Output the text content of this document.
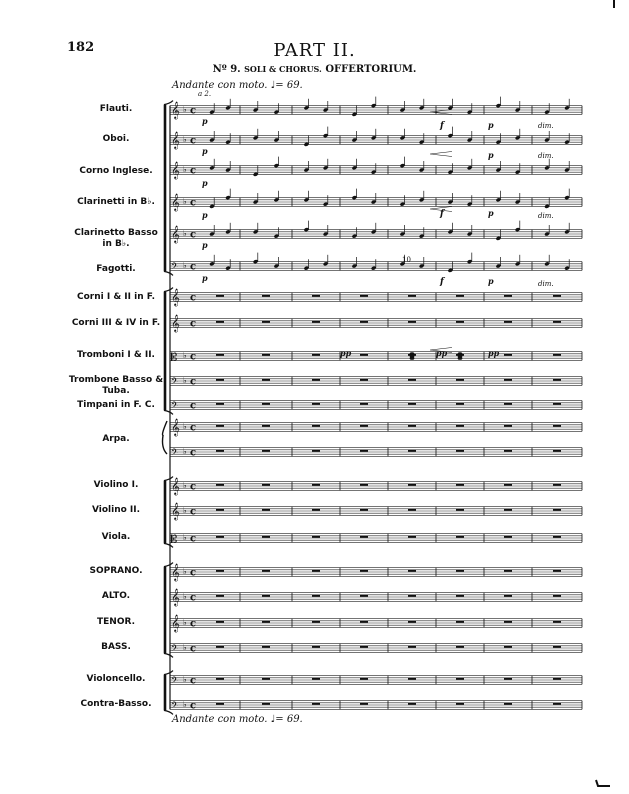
182	PART II.
Nº 9. SOLI & CHORUS. OFFERTORIUM.
Andante con moto. ♩= 69.
Andante con moto. ♩= 69.
Flauti.
Oboi.
Corno Inglese.
Clarinetti in B♭.
Clarinetto Basso in B♭.
Fagotti.
Corni I & II in F.
Corni III & IV in F.
Tromboni I & II.
Trombone Basso & Tuba.
Timpani in F. C.
Violino I.
Violino II.
Viola.
SOPRANO.
ALTO.
TENOR.
BASS.
Violoncello.
Contra-Basso.
Arpa.
𝄞 ♭ c
𝄞 ♭ c
𝄞 ♭ c
𝄞 ♭ c
𝄞 ♭ c
𝄢 ♭ c
𝄞 c
𝄞 c
𝄡 ♭ c
𝄢 ♭ c
𝄢 c
𝄞 ♭ c
𝄢 ♭ c
𝄞 ♭ c
𝄞 ♭ c
𝄡 ♭ c
𝄞 ♭ c
𝄞 ♭ c
𝄞 ♭ c
𝄢 ♭ c
𝄢 ♭ c
𝄢 ♭ c
a 2.
p
p
p
p
p
p
f
f
f
p
p
p
p
dim.
dim.
dim.
dim.
pp	pp	pp
10
